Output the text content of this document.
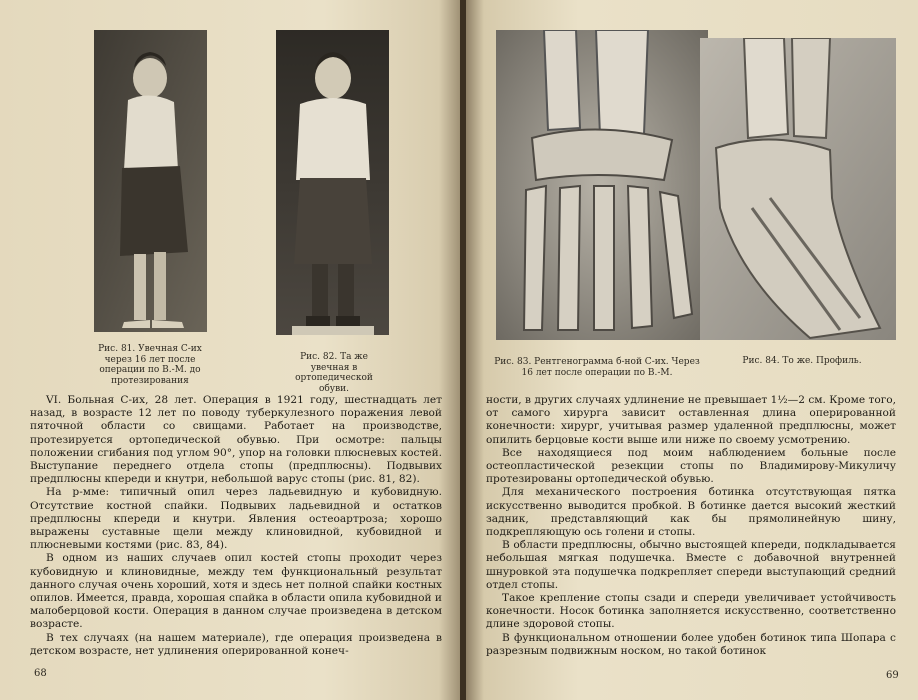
Рис. 81. Увечная С-их через 16 лет после операции по В.-М. до протезирования
Рис. 82. Та же увечная в ортопедической обуви.

VI. Больная С-их, 28 лет. Операция в 1921 году, шестнадцать лет назад, в возрасте 12 лет по поводу туберкулезного поражения левой пяточной области со свищами. Работает на производстве, протезируется ортопедической обувью. При осмотре: пальцы положении сгибания под углом 90°, упор на головки плюсневых костей. Выступание переднего отдела стопы (предплюсны). Подвывих предплюсны кпереди и кнутри, небольшой варус стопы (рис. 81, 82).

На р-мме: типичный опил через ладьевидную и кубовидную. Отсутствие костной спайки. Подвывих ладьевидной и остатков предплюсны кпереди и кнутри. Явления остеоартроза; хорошо выражены суставные щели между клиновидной, кубовидной и плюсневыми костями (рис. 83, 84).

В одном из наших случаев опил костей стопы проходит через кубовидную и клиновидные, между тем функциональный результат данного случая очень хороший, хотя и здесь нет полной спайки костных опилов. Имеется, правда, хорошая спайка в области опила кубовидной и малоберцовой кости. Операция в данном случае произведена в детском возрасте.

В тех случаях (на нашем материале), где операция произведена в детском возрасте, нет удлинения оперированной конеч-

68
Рис. 83. Рентгенограмма б-ной С-их. Через 16 лет после операции по В.-М.
Рис. 84. То же. Профиль.

ности, в других случаях удлинение не превышает 1½—2 см. Кроме того, от самого хирурга зависит оставленная длина оперированной конечности: хирург, учитывая размер удаленной предплюсны, может опилить берцовые кости выше или ниже по своему усмотрению.

Все находящиеся под моим наблюдением больные после остеопластической резекции стопы по Владимирову-Микуличу протезированы ортопедической обувью.

Для механического построения ботинка отсутствующая пятка искусственно выводится пробкой. В ботинке дается высокий жесткий задник, представляющий как бы прямолинейную шину, подкрепляющую ось голени и стопы.

В области предплюсны, обычно выстоящей кпереди, подкладывается небольшая мягкая подушечка. Вместе с добавочной внутренней шнуровкой эта подушечка подкрепляет спереди выступающий средний отдел стопы.

Такое крепление стопы сзади и спереди увеличивает устойчивость конечности. Носок ботинка заполняется искусственно, соответственно длине здоровой стопы.

В функциональном отношении более удобен ботинок типа Шопара с разрезным подвижным носком, но такой ботинок

69
